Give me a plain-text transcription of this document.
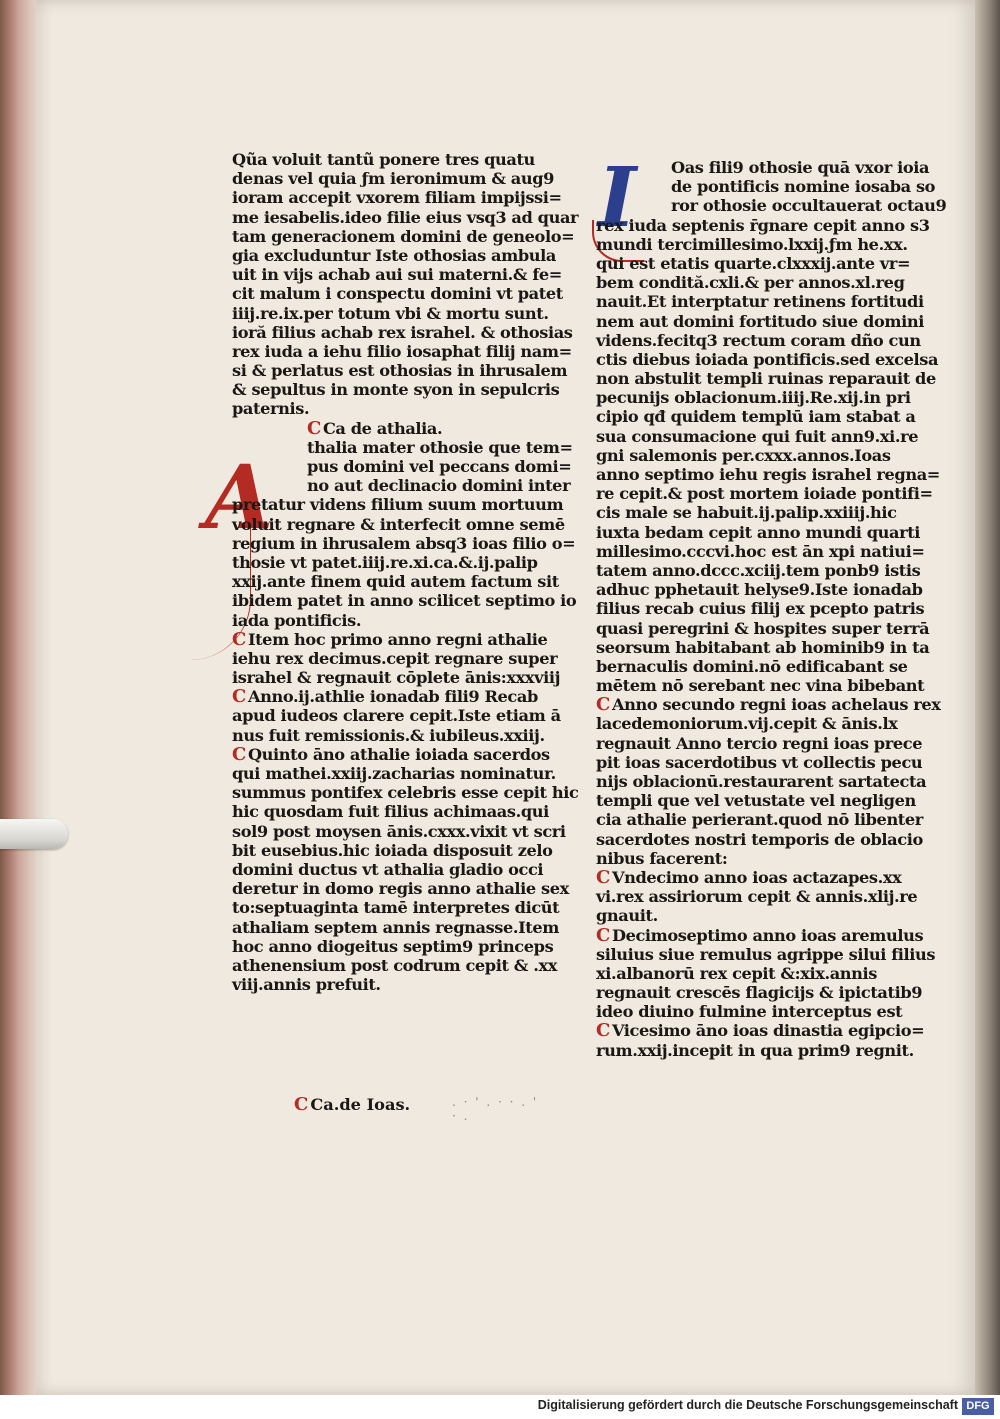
A
I
Qũa voluit tantũ ponere tres quatu
denas vel quia ƒm ieronimum & aug9
ioram accepit vxorem filiam impijssi=
me iesabelis.ideo filie eius vsq3 ad quar
tam generacionem domini de geneolo=
gia excluduntur Iste othosias ambula
uit in vijs achab aui sui materni.& fe=
cit malum i conspectu domini vt patet
iiij.re.ix.per totum vbi & mortu sunt.
ioră filius achab rex israhel. & othosias
rex iuda a iehu filio iosaphat filij nam=
si & perlatus est othosias in ihrusalem
& sepultus in monte syon in sepulcris
paternis.
C Ca de athalia.
thalia mater othosie que tem=
pus domini vel peccans domi=
no aut declinacio domini inter
pretatur videns filium suum mortuum
voluit regnare & interfecit omne semē
regium in ihrusalem absq3 ioas filio o=
thosie vt patet.iiij.re.xi.ca.&.ij.palip
xxij.ante finem quid autem factum sit
ibidem patet in anno scilicet septimo io
iada pontificis.
C Item hoc primo anno regni athalie
iehu rex decimus.cepit regnare super
israhel & regnauit cōplete ānis:xxxviij
C Anno.ij.athlie ionadab fili9 Recab
apud iudeos clarere cepit.Iste etiam ā
nus fuit remissionis.& iubileus.xxiij.
C Quinto āno athalie ioiada sacerdos
qui mathei.xxiij.zacharias nominatur.
summus pontifex celebris esse cepit hic
hic quosdam fuit filius achimaas.qui
sol9 post moysen ānis.cxxx.vixit vt scri
bit eusebius.hic ioiada disposuit zelo
domini ductus vt athalia gladio occi
deretur in domo regis anno athalie sex
to:septuaginta tamē interpretes dicūt
athaliam septem annis regnasse.Item
hoc anno diogeitus septim9 princeps
athenensium post codrum cepit & .xx
viij.annis prefuit.
Oas fili9 othosie quā vxor ioia
de pontificis nomine iosaba so
ror othosie occultauerat octau9
rex iuda septenis r̄gnare cepit anno s3
mundi tercimillesimo.lxxij.ƒm he.xx.
qui est etatis quarte.clxxxij.ante vr=
bem condită.cxli.& per annos.xl.reg
nauit.Et interptatur retinens fortitudi
nem aut domini fortitudo siue domini
videns.fecitq3 rectum coram dño cun
ctis diebus ioiada pontificis.sed excelsa
non abstulit templi ruinas reparauit de
pecunijs oblacionum.iiij.Re.xij.in pri
cipio qđ quidem templū iam stabat a
sua consumacione qui fuit ann9.xi.re
gni salemonis per.cxxx.annos.Ioas
anno septimo iehu regis israhel regna=
re cepit.& post mortem ioiade pontifi=
cis male se habuit.ij.palip.xxiiij.hic
iuxta bedam cepit anno mundi quarti
millesimo.cccvi.hoc est ān xpi natiui=
tatem anno.dccc.xciij.tem ponb9 istis
adhuc pphetauit helyse9.Iste ionadab
filius recab cuius filij ex pcepto patris
quasi peregrini & hospites super terrā
seorsum habitabant ab hominib9 in ta
bernaculis domini.nō edificabant se
mētem nō serebant nec vina bibebant
C Anno secundo regni ioas achelaus rex
lacedemoniorum.vij.cepit & ānis.lx
regnauit Anno tercio regni ioas prece
pit ioas sacerdotibus vt collectis pecu
nijs oblacionū.restaurarent sartatecta
templi que vel vetustate vel negligen
cia athalie perierant.quod nō libenter
sacerdotes nostri temporis de oblacio
nibus facerent:
C Vndecimo anno ioas actazapes.xx
vi.rex assiriorum cepit & annis.xlij.re
gnauit.
C Decimoseptimo anno ioas aremulus
siluius siue remulus agrippe silui filius
xi.albanorū rex cepit &:xix.annis
regnauit crescēs flagicijs & ipictatib9
ideo diuino fulmine interceptus est
C Vicesimo āno ioas dinastia egipcio=
rum.xxij.incepit in qua prim9 regnit.
C Ca.de Ioas.	. · ' . · · . ' · .
Digitalisierung gefördert durch die Deutsche Forschungsgemeinschaft DFG
